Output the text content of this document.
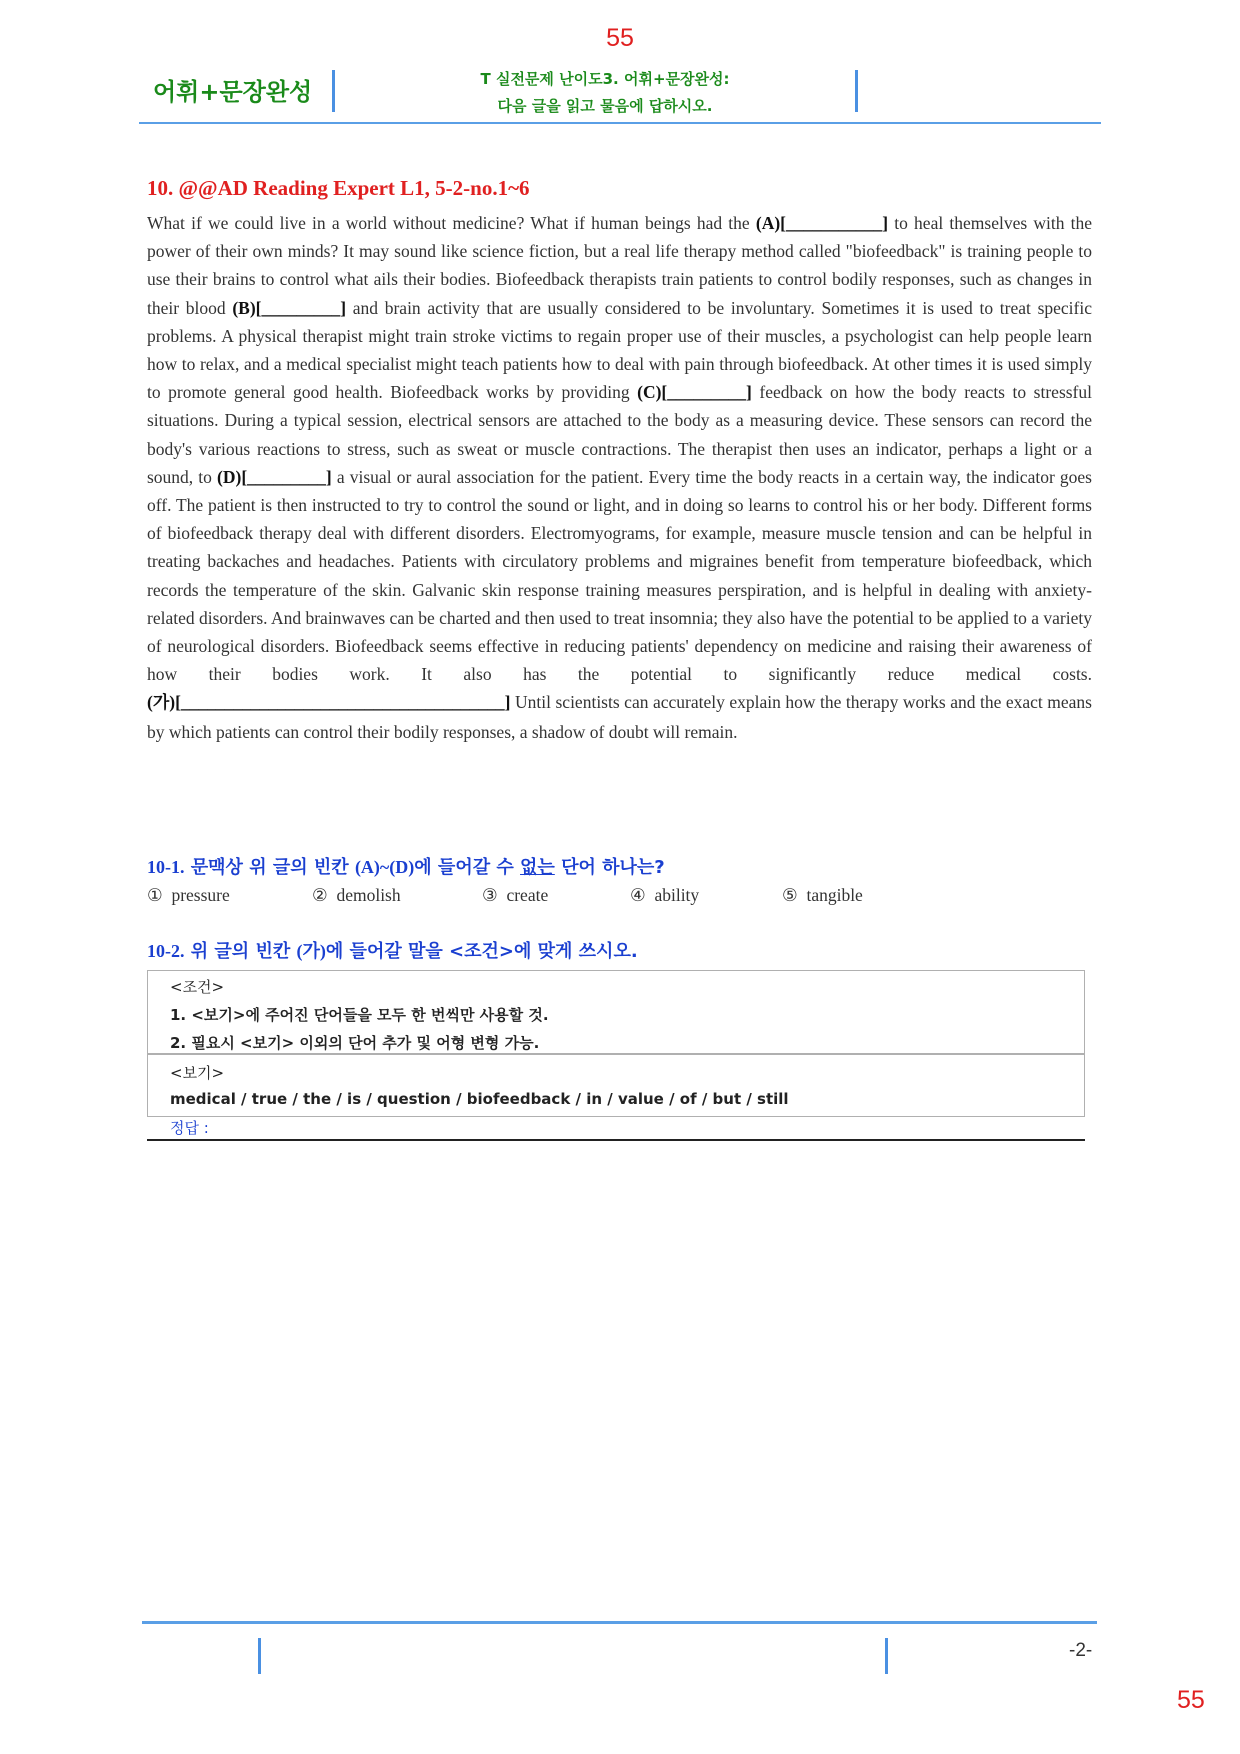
55
어휘+문장완성	T 실전문제 난이도3. 어휘+문장완성:
다음 글을 읽고 물음에 답하시오.
10. @@AD Reading Expert L1, 5-2-no.1~6
What if we could live in a world without medicine? What if human beings had the (A)[___________] to heal themselves with the power of their own minds? It may sound like science fiction, but a real life therapy method called "biofeedback" is training people to use their brains to control what ails their bodies. Biofeedback therapists train patients to control bodily responses, such as changes in their blood (B)[_________] and brain activity that are usually considered to be involuntary. Sometimes it is used to treat specific problems. A physical therapist might train stroke victims to regain proper use of their muscles, a psychologist can help people learn how to relax, and a medical specialist might teach patients how to deal with pain through biofeedback. At other times it is used simply to promote general good health. Biofeedback works by providing (C)[_________] feedback on how the body reacts to stressful situations. During a typical session, electrical sensors are attached to the body as a measuring device. These sensors can record the body's various reactions to stress, such as sweat or muscle contractions. The therapist then uses an indicator, perhaps a light or a sound, to (D)[_________] a visual or aural association for the patient. Every time the body reacts in a certain way, the indicator goes off. The patient is then instructed to try to control the sound or light, and in doing so learns to control his or her body. Different forms of biofeedback therapy deal with different disorders. Electromyograms, for example, measure muscle tension and can be helpful in treating backaches and headaches. Patients with circulatory problems and migraines benefit from temperature biofeedback, which records the temperature of the skin. Galvanic skin response training measures perspiration, and is helpful in dealing with anxiety-related disorders. And brainwaves can be charted and then used to treat insomnia; they also have the potential to be applied to a variety of neurological disorders. Biofeedback seems effective in reducing patients' dependency on medicine and raising their awareness of how their bodies work. It also has the potential to significantly reduce medical costs. (가)[_____________________________________] Until scientists can accurately explain how the therapy works and the exact means by which patients can control their bodily responses, a shadow of doubt will remain.
10-1. 문맥상 위 글의 빈칸 (A)~(D)에 들어갈 수 없는 단어 하나는?
① pressure	② demolish	③ create	④ ability	⑤ tangible
10-2. 위 글의 빈칸 (가)에 들어갈 말을 <조건>에 맞게 쓰시오.
<조건>
1. <보기>에 주어진 단어들을 모두 한 번씩만 사용할 것.
2. 필요시 <보기> 이외의 단어 추가 및 어형 변형 가능.
<보기>
medical / true / the / is / question / biofeedback / in / value / of / but / still
정답 :
-2-
55
